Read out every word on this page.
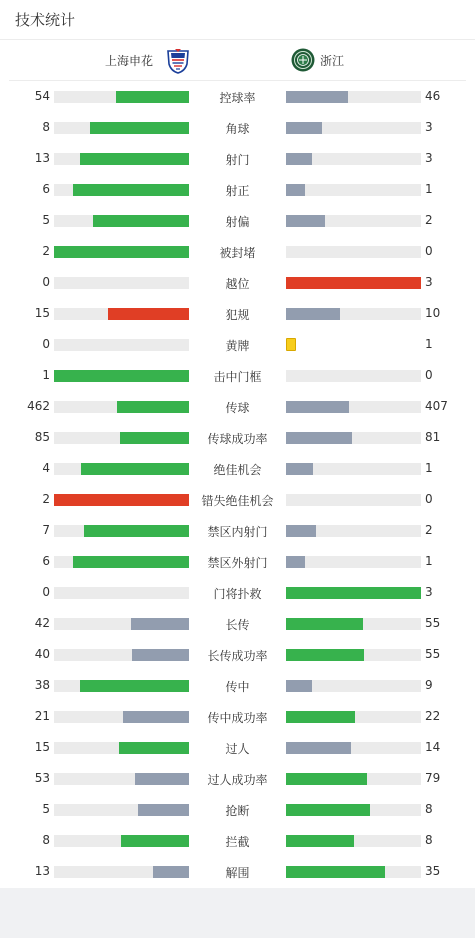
技术统计
上海申花	浙江
54	控球率	46
8	角球	3
13	射门	3
6	射正	1
5	射偏	2
2	被封堵	0
0	越位	3
15	犯规	10
0	黄牌	1
1	击中门框	0
462	传球	407
85	传球成功率	81
4	绝佳机会	1
2	错失绝佳机会	0
7	禁区内射门	2
6	禁区外射门	1
0	门将扑救	3
42	长传	55
40	长传成功率	55
38	传中	9
21	传中成功率	22
15	过人	14
53	过人成功率	79
5	抢断	8
8	拦截	8
13	解围	35
